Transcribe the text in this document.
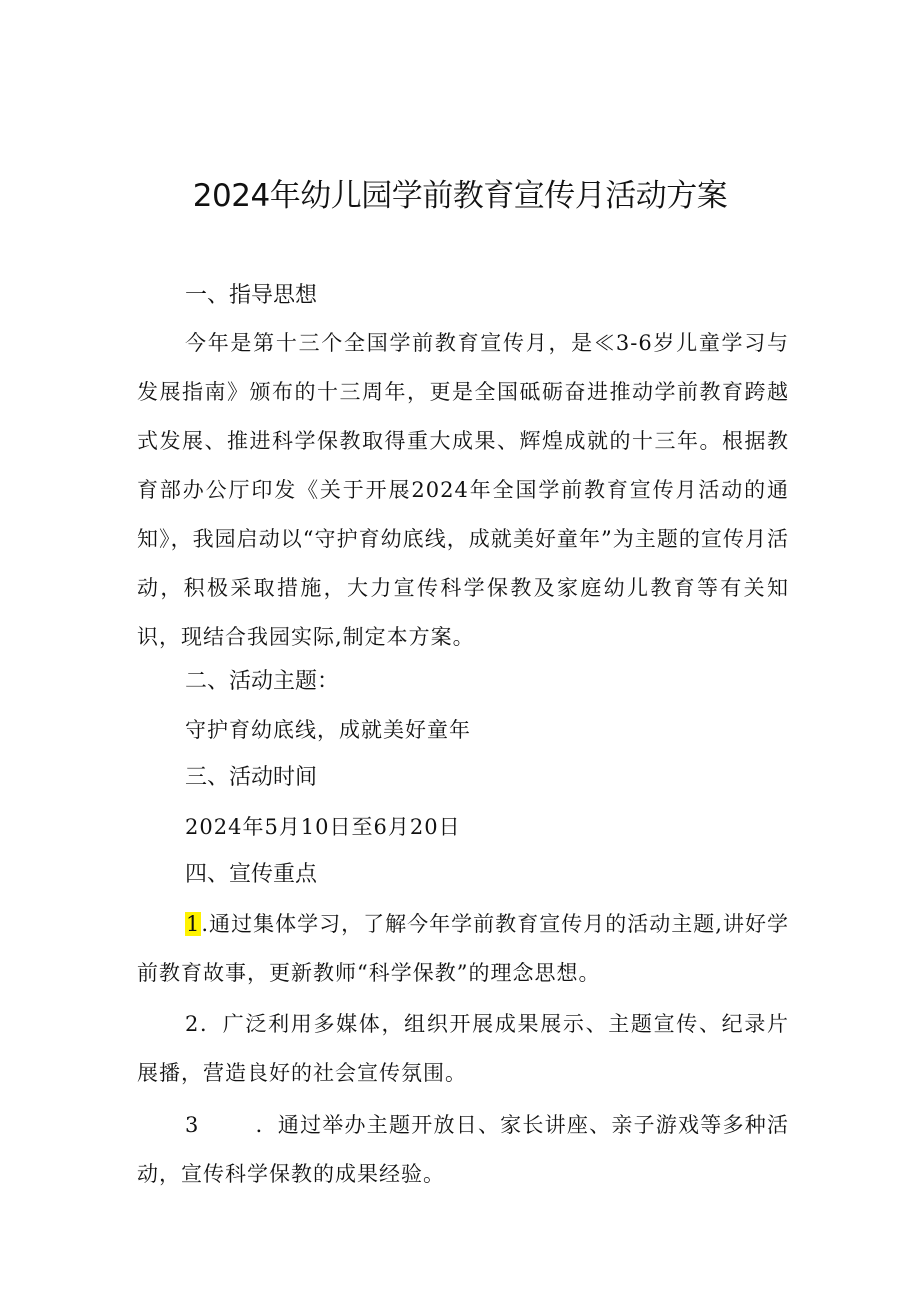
2024年幼儿园学前教育宣传月活动方案
一、指导思想
今年是第十三个全国学前教育宣传月，是≪3-6岁儿童学习与发展指南》颁布的十三周年，更是全国砥砺奋进推动学前教育跨越式发展、推进科学保教取得重大成果、辉煌成就的十三年。根据教育部办公厅印发《关于开展2024年全国学前教育宣传月活动的通知》，我园启动以“守护育幼底线，成就美好童年”为主题的宣传月活动，积极采取措施，大力宣传科学保教及家庭幼儿教育等有关知识，现结合我园实际,制定本方案。
二、活动主题：
守护育幼底线，成就美好童年
三、活动时间
2024年5月10日至6月20日
四、宣传重点
1.通过集体学习，了解今年学前教育宣传月的活动主题,讲好学前教育故事，更新教师“科学保教”的理念思想。
2．广泛利用多媒体，组织开展成果展示、主题宣传、纪录片展播，营造良好的社会宣传氛围。
3	．通过举办主题开放日、家长讲座、亲子游戏等多种活动，宣传科学保教的成果经验。
